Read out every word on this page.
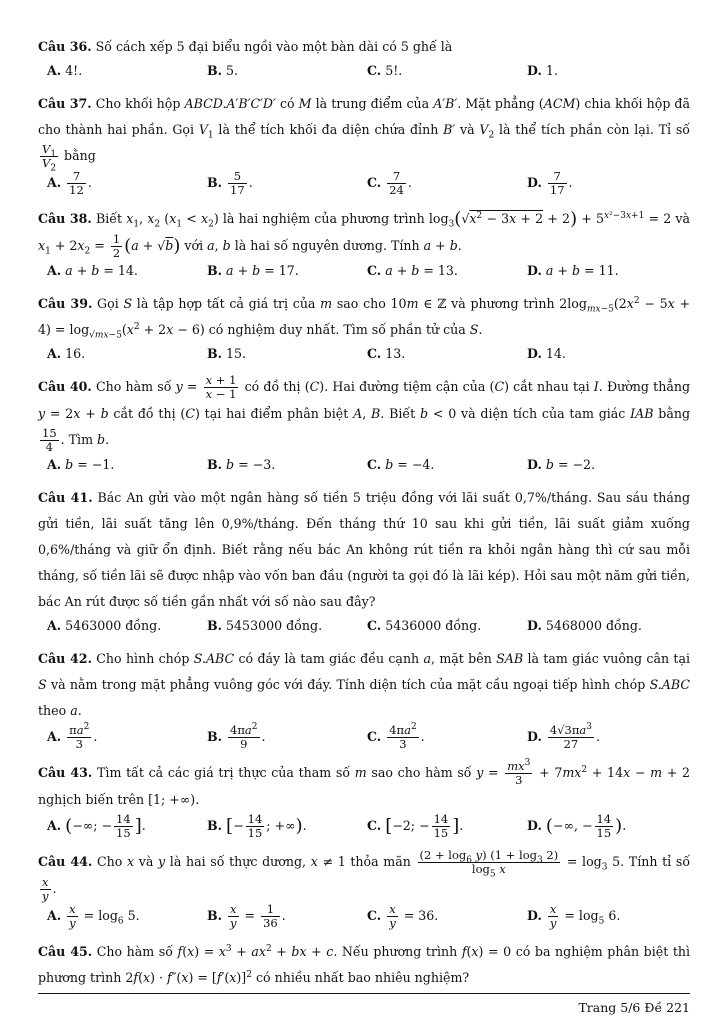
Câu 36. Số cách xếp 5 đại biểu ngồi vào một bàn dài có 5 ghế là
A. 4!.	B. 5.	C. 5!.	D. 1.
Câu 37. Cho khối hộp ABCD.A′B′C′D′ có M là trung điểm của A′B′. Mặt phẳng (ACM) chia khối hộp đã cho thành hai phần. Gọi $V_1$ là thể tích khối đa diện chứa đỉnh B′ và $V_2$ là thể tích phần còn lại. Tỉ số
$\frac{V_1}{V_2}$ bằng
A. $\frac{7}{12}$ .	B. $\frac{5}{17}$ .	C. $\frac{7}{24}$ .	D. $\frac{7}{17}$ .
Câu 38. Biết $x_1$, $x_2$ $(x_1 < x_2)$ là hai nghiệm của phương trình $\log_3(√x^2 - 3x + 2 + 2) + 5^{x^2-3x+1} = 2$ và $x_1 + 2x_2 = \frac{1}{2} (a + √b)$ với a, b là hai số nguyên dương. Tính a + b.
A. a + b = 14.	B. a + b = 17.	C. a + b = 13.	D. a + b = 11.
Câu 39. Gọi S là tập hợp tất cả giá trị của m sao cho 10m ∈ ℤ và phương trình $2\log_{mx-5}(2x^2 - 5x + 4) = \log_{√mx-5}(x^2 + 2x - 6)$ có nghiệm duy nhất. Tìm số phần tử của S.
A. 16.	B. 15.	C. 13.	D. 14.
Câu 40. Cho hàm số $y = \frac{x + 1}{x - 1}$ có đồ thị (C). Hai đường tiệm cận của (C) cắt nhau tại I. Đường thẳng y = 2x + b cắt đồ thị (C) tại hai điểm phân biệt A, B. Biết b < 0 và diện tích của tam giác IAB bằng
$\frac{15}{4}$ . Tìm b.
A. b = −1.	B. b = −3.	C. b = −4.	D. b = −2.
Câu 41. Bác An gửi vào một ngân hàng số tiền 5 triệu đồng với lãi suất 0,7%/tháng. Sau sáu tháng gửi tiền, lãi suất tăng lên 0,9%/tháng. Đến tháng thứ 10 sau khi gửi tiền, lãi suất giảm xuống 0,6%/tháng và giữ ổn định. Biết rằng nếu bác An không rút tiền ra khỏi ngân hàng thì cứ sau mỗi tháng, số tiền lãi sẽ được nhập vào vốn ban đầu (người ta gọi đó là lãi kép). Hỏi sau một năm gửi tiền, bác An rút được số tiền gần nhất với số nào sau đây?
A. 5463000 đồng.	B. 5453000 đồng.	C. 5436000 đồng.	D. 5468000 đồng.
Câu 42. Cho hình chóp S.ABC có đáy là tam giác đều cạnh a, mặt bên SAB là tam giác vuông cân tại S và nằm trong mặt phẳng vuông góc với đáy. Tính diện tích của mặt cầu ngoại tiếp hình chóp S.ABC theo a.
A. $\frac{\pi a^2}{3}$ .	B. $\frac{4\pi a^2}{9}$ .	C. $\frac{4\pi a^2}{3}$ .	D. $\frac{4√3\pi a^3}{27}$ .
Câu 43. Tìm tất cả các giá trị thực của tham số m sao cho hàm số $y = \frac{mx^3}{3} + 7mx^2 + 14x - m + 2$ nghịch biến trên [1; +∞).
A. (−∞; − $\frac{14}{15}$ ].	B. [− $\frac{14}{15}$ ; +∞).	C. [−2; − $\frac{14}{15}$ ].	D. (−∞, − $\frac{14}{15}$ ).
Câu 44. Cho x và y là hai số thực dương, x ≠ 1 thỏa mãn $\frac{(2 + \log_6 y) (1 + \log_3 2)}{\log_5 x} = \log_3 5$. Tính tỉ số
$\frac{x}{y}$ .
A. $\frac{x}{y} = \log_6 5$.	B. $\frac{x}{y} = \frac{1}{36}$ .	C. $\frac{x}{y} = 36$.	D. $\frac{x}{y} = \log_5 6$.
Câu 45. Cho hàm số $f(x) = x^3 + ax^2$ + bx + c. Nếu phương trình f(x) = 0 có ba nghiệm phân biệt thì phương trình $2f(x) \cdot f''(x) = [f'(x)]^2$ có nhiều nhất bao nhiêu nghiệm?
Trang 5/6 Đề 221
